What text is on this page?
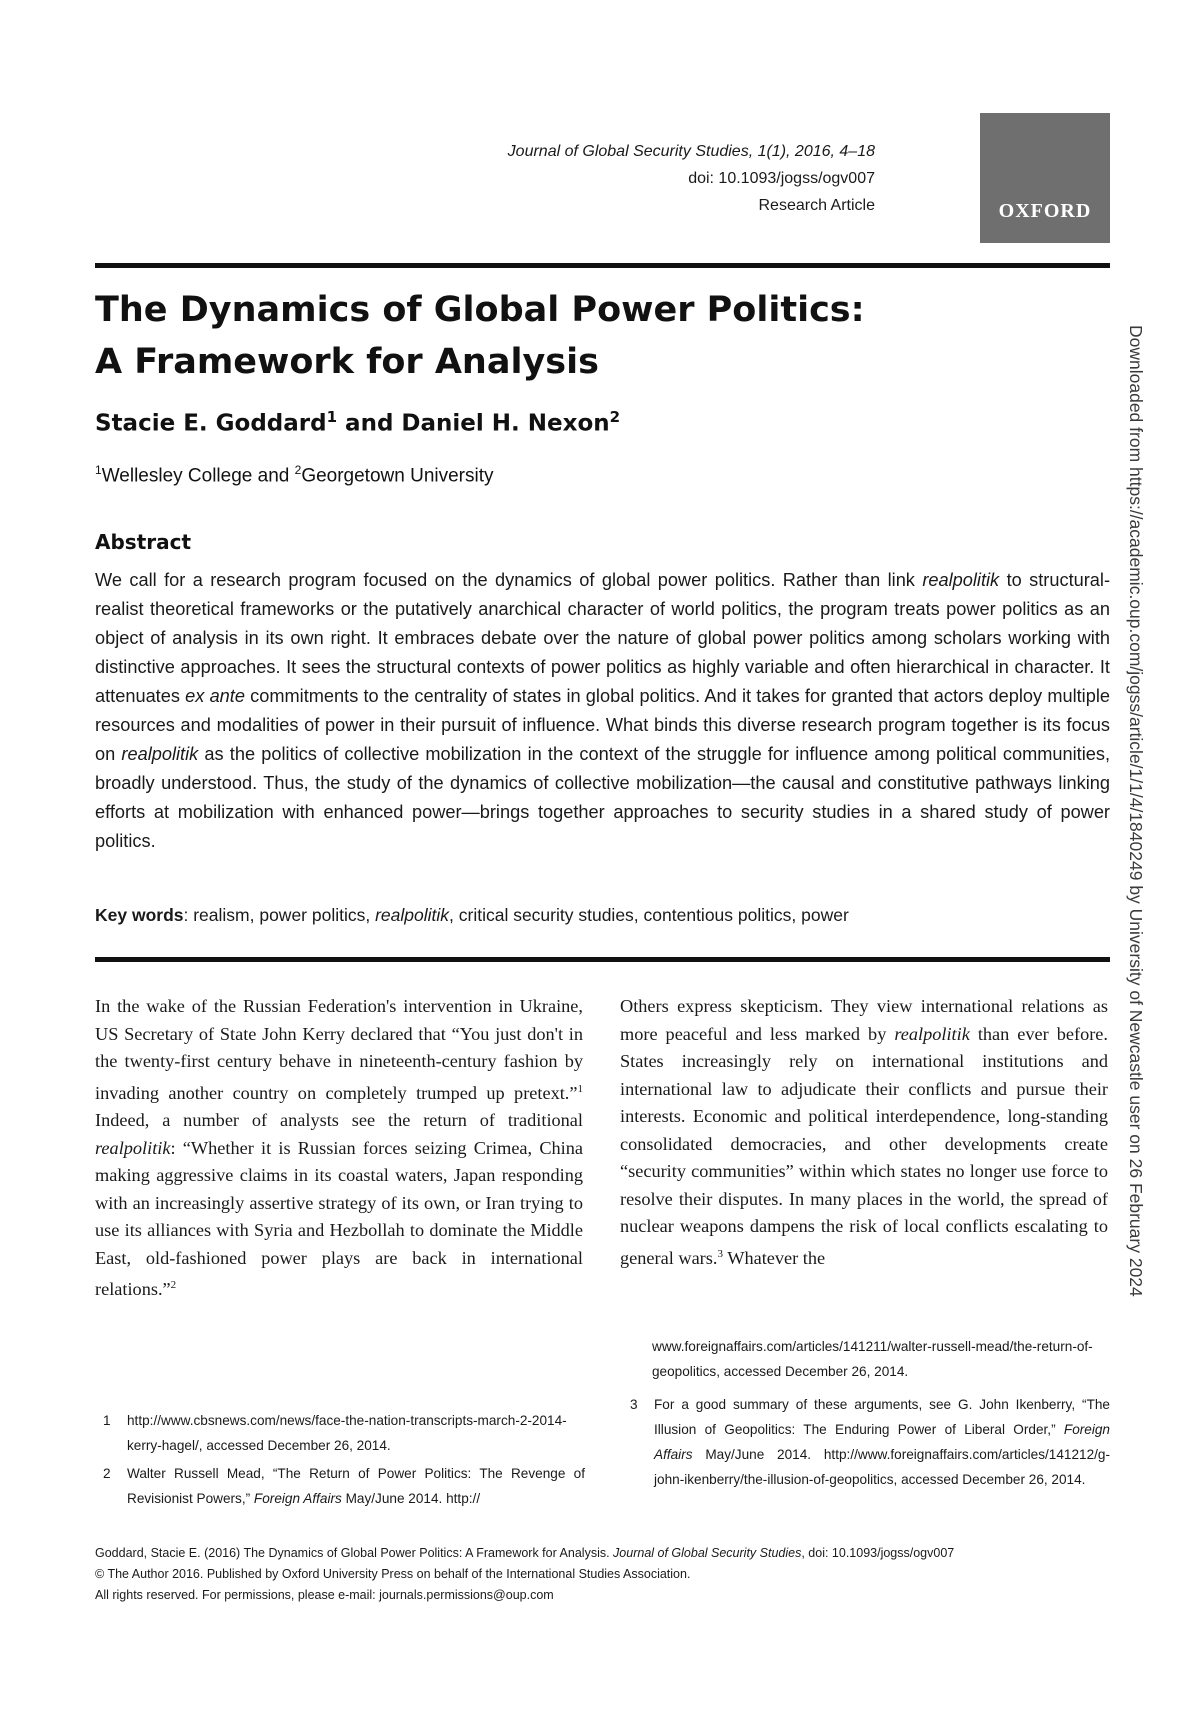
Journal of Global Security Studies, 1(1), 2016, 4–18
doi: 10.1093/jogss/ogv007
Research Article	OXFORD
The Dynamics of Global Power Politics:
A Framework for Analysis
Stacie E. Goddard$^1$ and Daniel H. Nexon$^2$
$^1$Wellesley College and $^2$Georgetown University
Abstract
We call for a research program focused on the dynamics of global power politics. Rather than link realpolitik to structural-realist theoretical frameworks or the putatively anarchical character of world politics, the program treats power politics as an object of analysis in its own right. It embraces debate over the nature of global power politics among scholars working with distinctive approaches. It sees the structural contexts of power politics as highly variable and often hierarchical in character. It attenuates ex ante commitments to the centrality of states in global politics. And it takes for granted that actors deploy multiple resources and modalities of power in their pursuit of influence. What binds this diverse research program together is its focus on realpolitik as the politics of collective mobilization in the context of the struggle for influence among political communities, broadly understood. Thus, the study of the dynamics of collective mobilization—the causal and constitutive pathways linking efforts at mobilization with enhanced power—brings together approaches to security studies in a shared study of power politics.
Key words: realism, power politics, realpolitik, critical security studies, contentious politics, power
In the wake of the Russian Federation's intervention in Ukraine, US Secretary of State John Kerry declared that “You just don't in the twenty-first century behave in nineteenth-century fashion by invading another country on completely trumped up pretext.”$^1$ Indeed, a number of analysts see the return of traditional realpolitik: “Whether it is Russian forces seizing Crimea, China making aggressive claims in its coastal waters, Japan responding with an increasingly assertive strategy of its own, or Iran trying to use its alliances with Syria and Hezbollah to dominate the Middle East, old-fashioned power plays are back in international relations.”$^2$
Others express skepticism. They view international relations as more peaceful and less marked by realpolitik than ever before. States increasingly rely on international institutions and international law to adjudicate their conflicts and pursue their interests. Economic and political interdependence, long-standing consolidated democracies, and other developments create “security communities” within which states no longer use force to resolve their disputes. In many places in the world, the spread of nuclear weapons dampens the risk of local conflicts escalating to general wars.$^3$ Whatever the
1 http://www.cbsnews.com/news/face-the-nation-transcripts-march-2-2014-kerry-hagel/, accessed December 26, 2014.
2 Walter Russell Mead, “The Return of Power Politics: The Revenge of Revisionist Powers,” Foreign Affairs May/June 2014. http://
www.foreignaffairs.com/articles/141211/walter-russell-mead/the-return-of-geopolitics, accessed December 26, 2014.
3 For a good summary of these arguments, see G. John Ikenberry, “The Illusion of Geopolitics: The Enduring Power of Liberal Order,” Foreign Affairs May/June 2014. http://www.foreignaffairs.com/articles/141212/g-john-ikenberry/the-illusion-of-geopolitics, accessed December 26, 2014.
Goddard, Stacie E. (2016) The Dynamics of Global Power Politics: A Framework for Analysis. Journal of Global Security Studies, doi: 10.1093/jogss/ogv007
© The Author 2016. Published by Oxford University Press on behalf of the International Studies Association.
All rights reserved. For permissions, please e-mail: journals.permissions@oup.com
Downloaded from https://academic.oup.com/jogss/article/1/1/4/1840249 by University of Newcastle user on 26 February 2024
